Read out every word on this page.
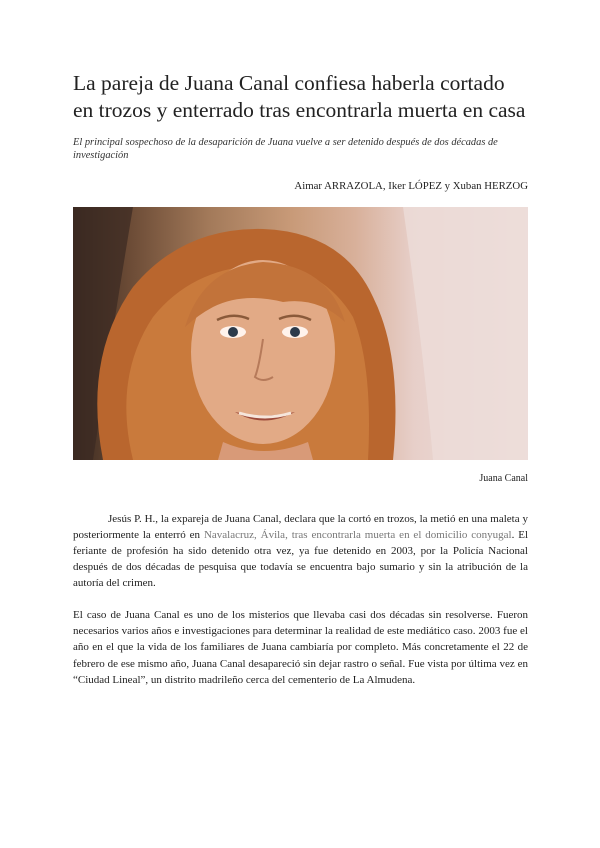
La pareja de Juana Canal confiesa haberla cortado en trozos y enterrado tras encontrarla muerta en casa
El principal sospechoso de la desaparición de Juana vuelve a ser detenido después de dos décadas de investigación
Aimar ARRAZOLA, Iker LÓPEZ y Xuban HERZOG
Juana Canal

Jesús P. H., la expareja de Juana Canal, declara que la cortó en trozos, la metió en una maleta y posteriormente la enterró en Navalacruz, Ávila, tras encontrarla muerta en el domicilio conyugal. El feriante de profesión ha sido detenido otra vez, ya fue detenido en 2003, por la Policía Nacional después de dos décadas de pesquisa que todavía se encuentra bajo sumario y sin la atribución de la autoría del crimen.

El caso de Juana Canal es uno de los misterios que llevaba casi dos décadas sin resolverse. Fueron necesarios varios años e investigaciones para determinar la realidad de este mediático caso. 2003 fue el año en el que la vida de los familiares de Juana cambiaría por completo. Más concretamente el 22 de febrero de ese mismo año, Juana Canal desapareció sin dejar rastro o señal. Fue vista por última vez en “Ciudad Lineal”, un distrito madrileño cerca del cementerio de La Almudena.
